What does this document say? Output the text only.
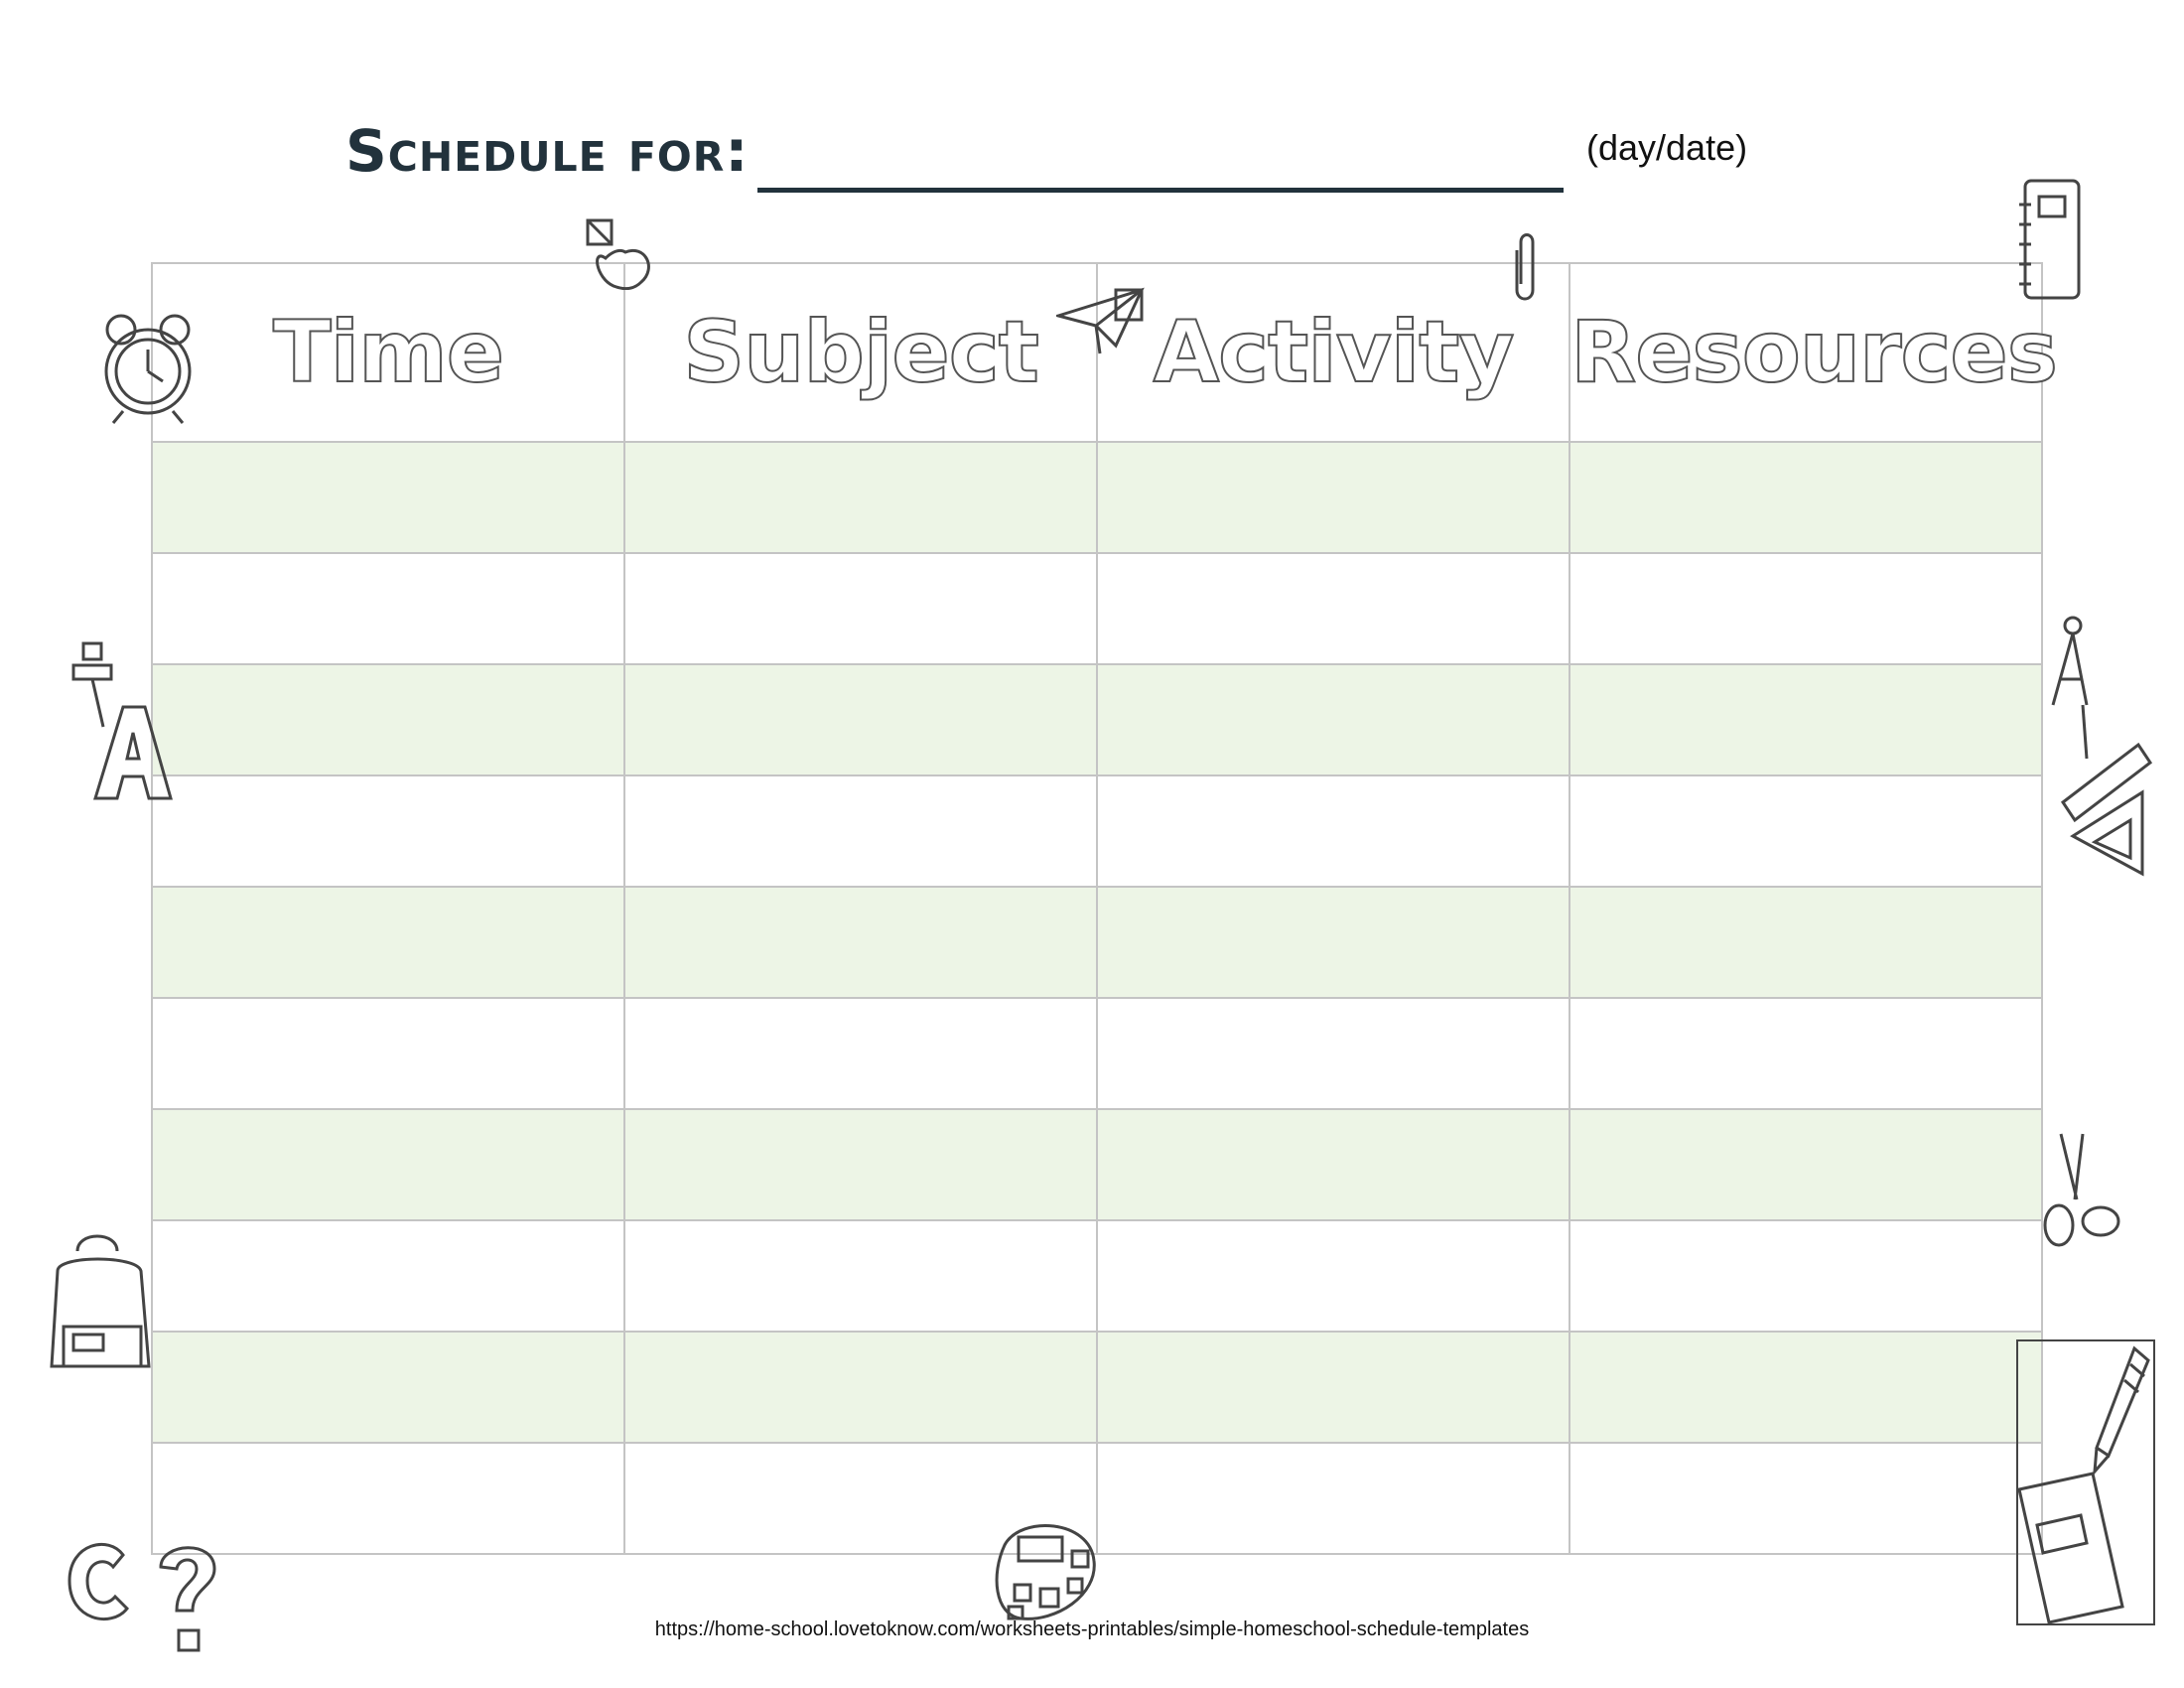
Schedule for:	(day/date)
Time	Subject	Activity	Resources

https://home-school.lovetoknow.com/worksheets-printables/simple-homeschool-schedule-templates
